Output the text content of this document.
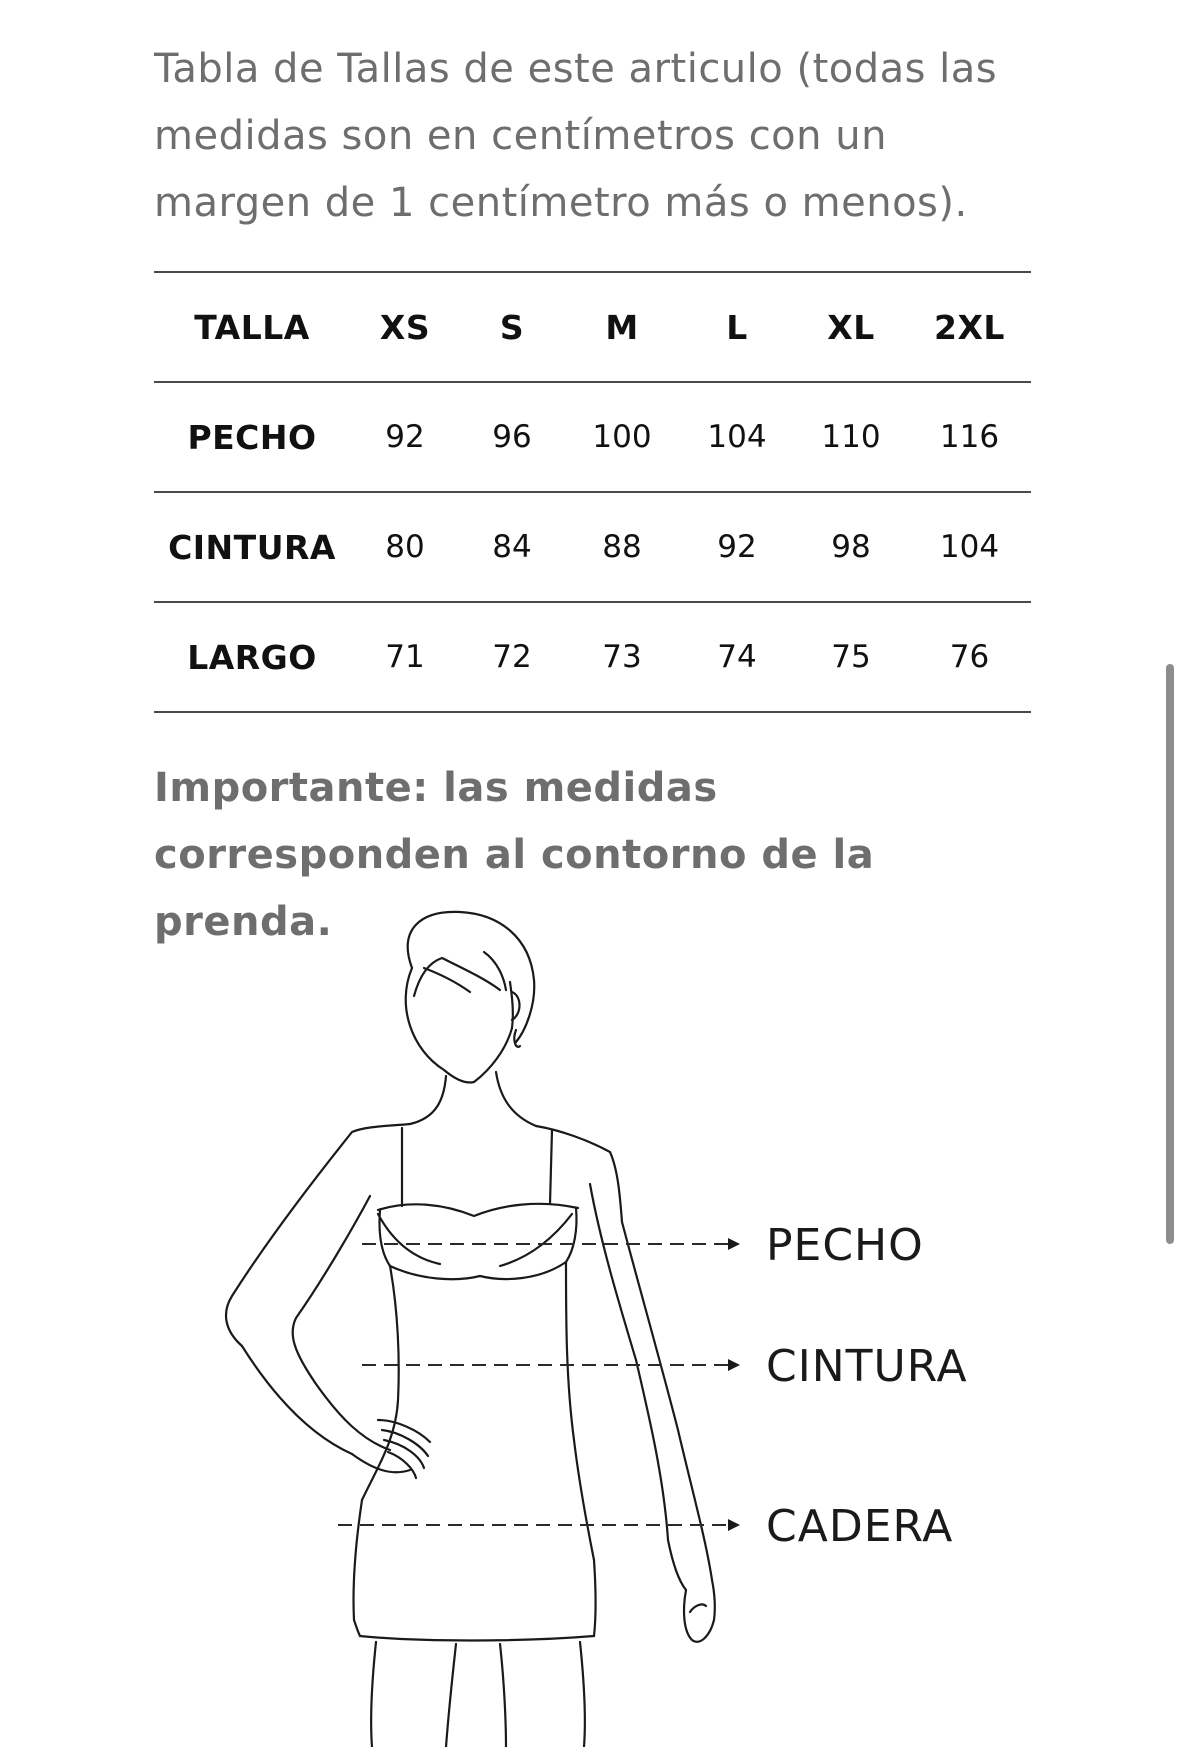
Tabla de Tallas de este articulo (todas las medidas son en centímetros con un margen de 1 centímetro más o menos).

TALLA	XS	S	M	L	XL	2XL
PECHO	92	96	100	104	110	116
CINTURA	80	84	88	92	98	104
LARGO	71	72	73	74	75	76

Importante: las medidas corresponden al contorno de la prenda.

PECHO
CINTURA
CADERA
